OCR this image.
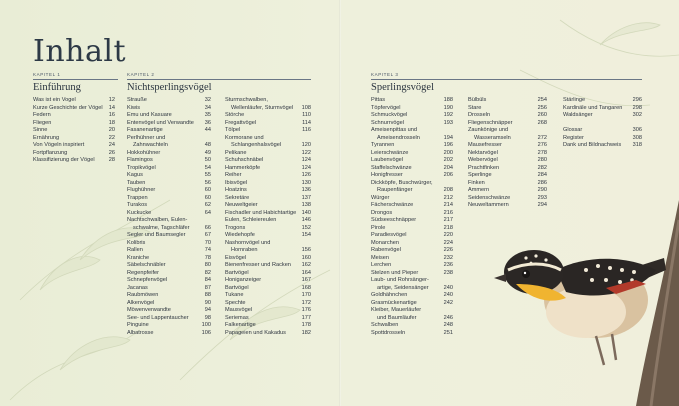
Inhalt
KAPITEL 1
Einführung
Was ist ein Vogel	12
Kurze Geschichte der Vögel 14
Federn	16
Fliegen	18
Sinne	20
Ernährung	22
Von Vögeln inspiriert	24
Fortpflanzung	26
Klassifizierung der Vögel	28
KAPITEL 2
Nichtsperlingsvögel
Strauße	32
Kiwis	34
Emu und Kasuare	35
Entenvögel und Verwandte 36
Fasanenartige	44
Perlhühner und
Zahnwachteln	48
Hokkohühner	49
Flamingos	50
Tropikvögel	54
Kagus	55
Tauben	56
Flughühner	60
Trappen	60
Turakos	62
Kuckucke	64
Nachtschwalben, Eulen-
schwalme, Tagschläfer	66
Segler und Baumsegler	67
Kolibris	70
Rallen	74
Kraniche	78
Säbelschnäbler	80
Regenpfeifer	82
Schnepfenvögel	84
Jacanas	87
Raubmöwen	88
Alkenvögel	90
Möwenverwandte	94
See- und Lappentaucher	98
Pinguine	100
Albatrosse	106
Sturmschwalben,
Wellenläufer, Sturmvögel 108
Störche	110
Fregattvögel	114
Tölpel	116
Kormorane und
Schlangenhalsvögel	120
Pelikane	122
Schuhschnäbel	124
Hammerköpfe	124
Reiher	126
Ibisvögel	130
Hoatzins	136
Sekretäre	137
Neuweltgeier	138
Fischadler und Habichtartige 140
Eulen, Schleiereulen	146
Trogons	152
Wiedehopfe	154
Nashornvögel und
Hornraben	156
Eisvögel	160
Bienenfresser und Racken 162
Bartvögel	164
Honiganzeiger	167
Bartvögel	168
Tukane	170
Spechte	172
Mausvögel	176
Seriemas	177
Falkenartige	178
Papageien und Kakadus	182
KAPITEL 3
Sperlingsvögel
Pittas	188
Töpfervögel	190
Schmuckvögel	192
Schnurrvögel	193
Ameisenpittas und
Ameisendrosseln	194
Tyrannen	196
Leierschwänze	200
Laubenvögel	202
Staffelschwänze	204
Honigfresser	206
Dickköpfe, Buschwürger,
Raupenfänger	208
Würger	212
Fächerschwänze	214
Drongos	216
Südseeschnäpper	217
Pirole	218
Paradiesvögel	220
Monarchen	224
Rabenvögel	226
Meisen	232
Lerchen	236
Stelzen und Pieper	238
Laub- und Rohrsänger-
artige, Seidensänger	240
Goldhähnchen	240
Grasmückenartige	242
Kleiber, Mauerläufer
und Baumläufer	246
Schwalben	248
Spottdrosseln	251
Bülbüls	254
Stare	256
Drosseln	260
Fliegenschnäpper	268
Zaunkönige und
Wasseramseln	272
Mausefresser	276
Nektarvögel	278
Webervögel	280
Prachtfinken	282
Sperlinge	284
Finken	286
Ammern	290
Seidenschwänze	293
Neuweltammern	294
Stärlinge	296
Kardinäle und Tangaren 298
Waldsänger	302
Glossar	306
Register	308
Dank und Bildnachweis 318
